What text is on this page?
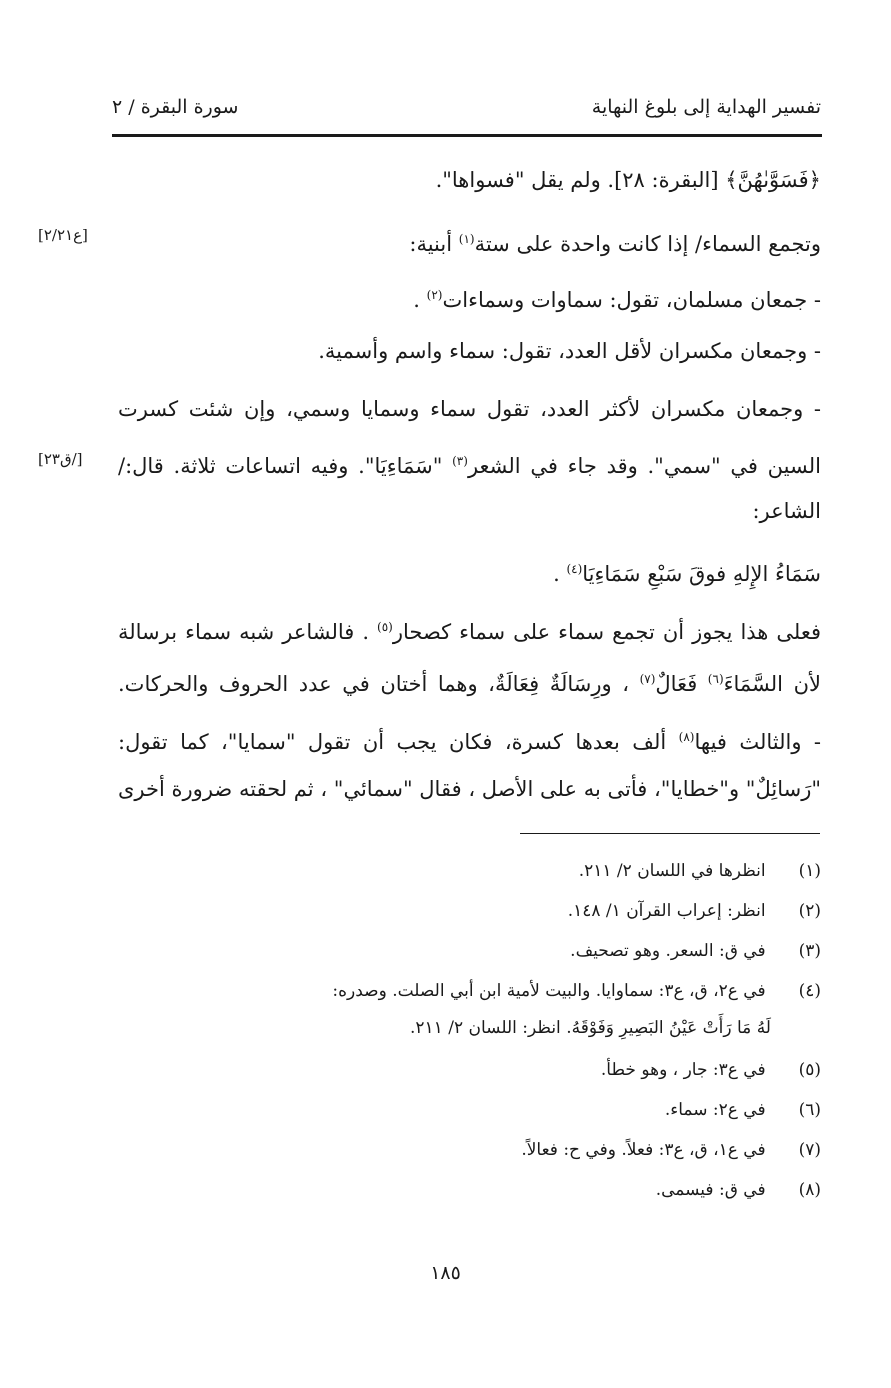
تفسير الهداية إلى بلوغ النهاية
سورة البقرة / ٢
[ع٢/٢١]
[ق٢٣/]
﴿فَسَوَّىٰهُنَّ﴾ [البقرة: ٢٨]. ولم يقل "فسواها".
وتجمع السماء/ إذا كانت واحدة على ستة$^{(١)}$ أبنية:
- جمعان مسلمان، تقول: سماوات وسماءات$^{(٢)}$ .
- وجمعان مكسران لأقل العدد، تقول: سماء واسم وأسمية.
- وجمعان مكسران لأكثر العدد، تقول سماء وسمايا وسمي، وإن شئت كسرت
السين في "سمي". وقد جاء في الشعر$^{(٣)}$ "سَمَاءِيَا". وفيه اتساعات ثلاثة. قال:/
الشاعر:
سَمَاءُ الإِلهِ فوقَ سَبْعِ سَمَاءِيَا$^{(٤)}$ .
فعلى هذا يجوز أن تجمع سماء على سماء كصحار$^{(٥)}$ . فالشاعر شبه سماء برسالة
لأن السَّمَاءَ$^{(٦)}$ فَعَالٌ$^{(٧)}$ ، ورِسَالَةٌ فِعَالَةٌ، وهما أختان في عدد الحروف والحركات.
- والثالث فيها$^{(٨)}$ ألف بعدها كسرة، فكان يجب أن تقول "سمايا"، كما تقول:
"رَسائِلٌ" و"خطايا"، فأتى به على الأصل ، فقال "سمائي" ، ثم لحقته ضرورة أخرى
(١) انظرها في اللسان ٢/ ٢١١.
(٢) انظر: إعراب القرآن ١/ ١٤٨.
(٣) في ق: السعر. وهو تصحيف.
(٤) في ع٢، ق، ع٣: سماوايا. والبيت لأمية ابن أبي الصلت. وصدره:
لَهُ مَا رَأَتْ عَيْنُ البَصِيرِ وَفَوْقَهُ. انظر: اللسان ٢/ ٢١١.
(٥) في ع٣: جار ، وهو خطأ.
(٦) في ع٢: سماء.
(٧) في ع١، ق، ع٣: فعلاً. وفي ح: فعالاً.
(٨) في ق: فيسمى.
١٨٥
